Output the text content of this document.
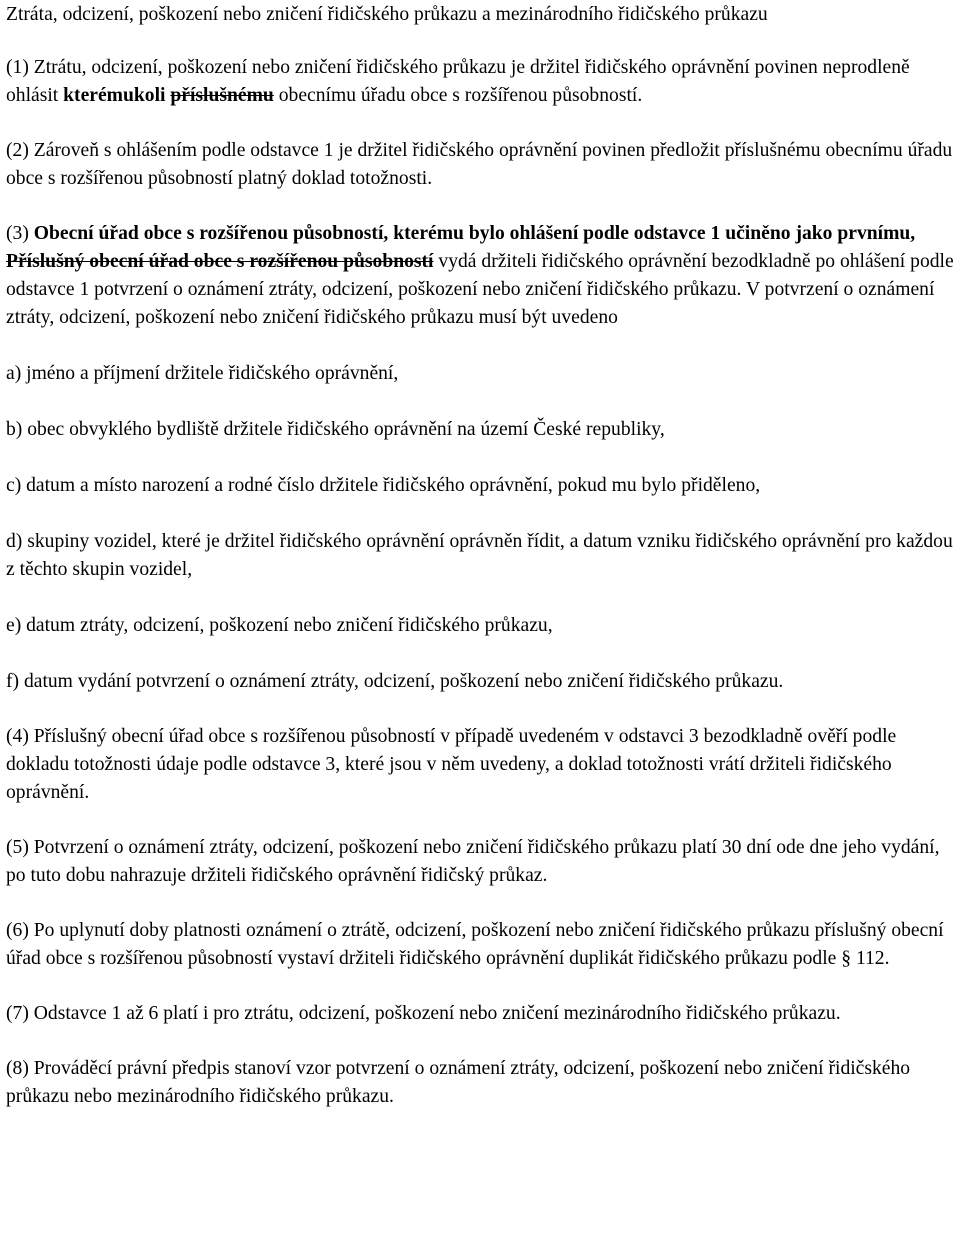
Ztráta, odcizení, poškození nebo zničení řidičského průkazu a mezinárodního řidičského průkazu

(1) Ztrátu, odcizení, poškození nebo zničení řidičského průkazu je držitel řidičského oprávnění povinen neprodleně ohlásit kterémukoli příslušnému obecnímu úřadu obce s rozšířenou působností.

(2) Zároveň s ohlášením podle odstavce 1 je držitel řidičského oprávnění povinen předložit příslušnému obecnímu úřadu obce s rozšířenou působností platný doklad totožnosti.

(3) Obecní úřad obce s rozšířenou působností, kterému bylo ohlášení podle odstavce 1 učiněno jako prvnímu, Příslušný obecní úřad obce s rozšířenou působností vydá držiteli řidičského oprávnění bezodkladně po ohlášení podle odstavce 1 potvrzení o oznámení ztráty, odcizení, poškození nebo zničení řidičského průkazu. V potvrzení o oznámení ztráty, odcizení, poškození nebo zničení řidičského průkazu musí být uvedeno

a) jméno a příjmení držitele řidičského oprávnění,

b) obec obvyklého bydliště držitele řidičského oprávnění na území České republiky,

c) datum a místo narození a rodné číslo držitele řidičského oprávnění, pokud mu bylo přiděleno,

d) skupiny vozidel, které je držitel řidičského oprávnění oprávněn řídit, a datum vzniku řidičského oprávnění pro každou z těchto skupin vozidel,

e) datum ztráty, odcizení, poškození nebo zničení řidičského průkazu,

f) datum vydání potvrzení o oznámení ztráty, odcizení, poškození nebo zničení řidičského průkazu.

(4) Příslušný obecní úřad obce s rozšířenou působností v případě uvedeném v odstavci 3 bezodkladně ověří podle dokladu totožnosti údaje podle odstavce 3, které jsou v něm uvedeny, a doklad totožnosti vrátí držiteli řidičského oprávnění.

(5) Potvrzení o oznámení ztráty, odcizení, poškození nebo zničení řidičského průkazu platí 30 dní ode dne jeho vydání, po tuto dobu nahrazuje držiteli řidičského oprávnění řidičský průkaz.

(6) Po uplynutí doby platnosti oznámení o ztrátě, odcizení, poškození nebo zničení řidičského průkazu příslušný obecní úřad obce s rozšířenou působností vystaví držiteli řidičského oprávnění duplikát řidičského průkazu podle § 112.

(7) Odstavce 1 až 6 platí i pro ztrátu, odcizení, poškození nebo zničení mezinárodního řidičského průkazu.

(8) Prováděcí právní předpis stanoví vzor potvrzení o oznámení ztráty, odcizení, poškození nebo zničení řidičského průkazu nebo mezinárodního řidičského průkazu.
